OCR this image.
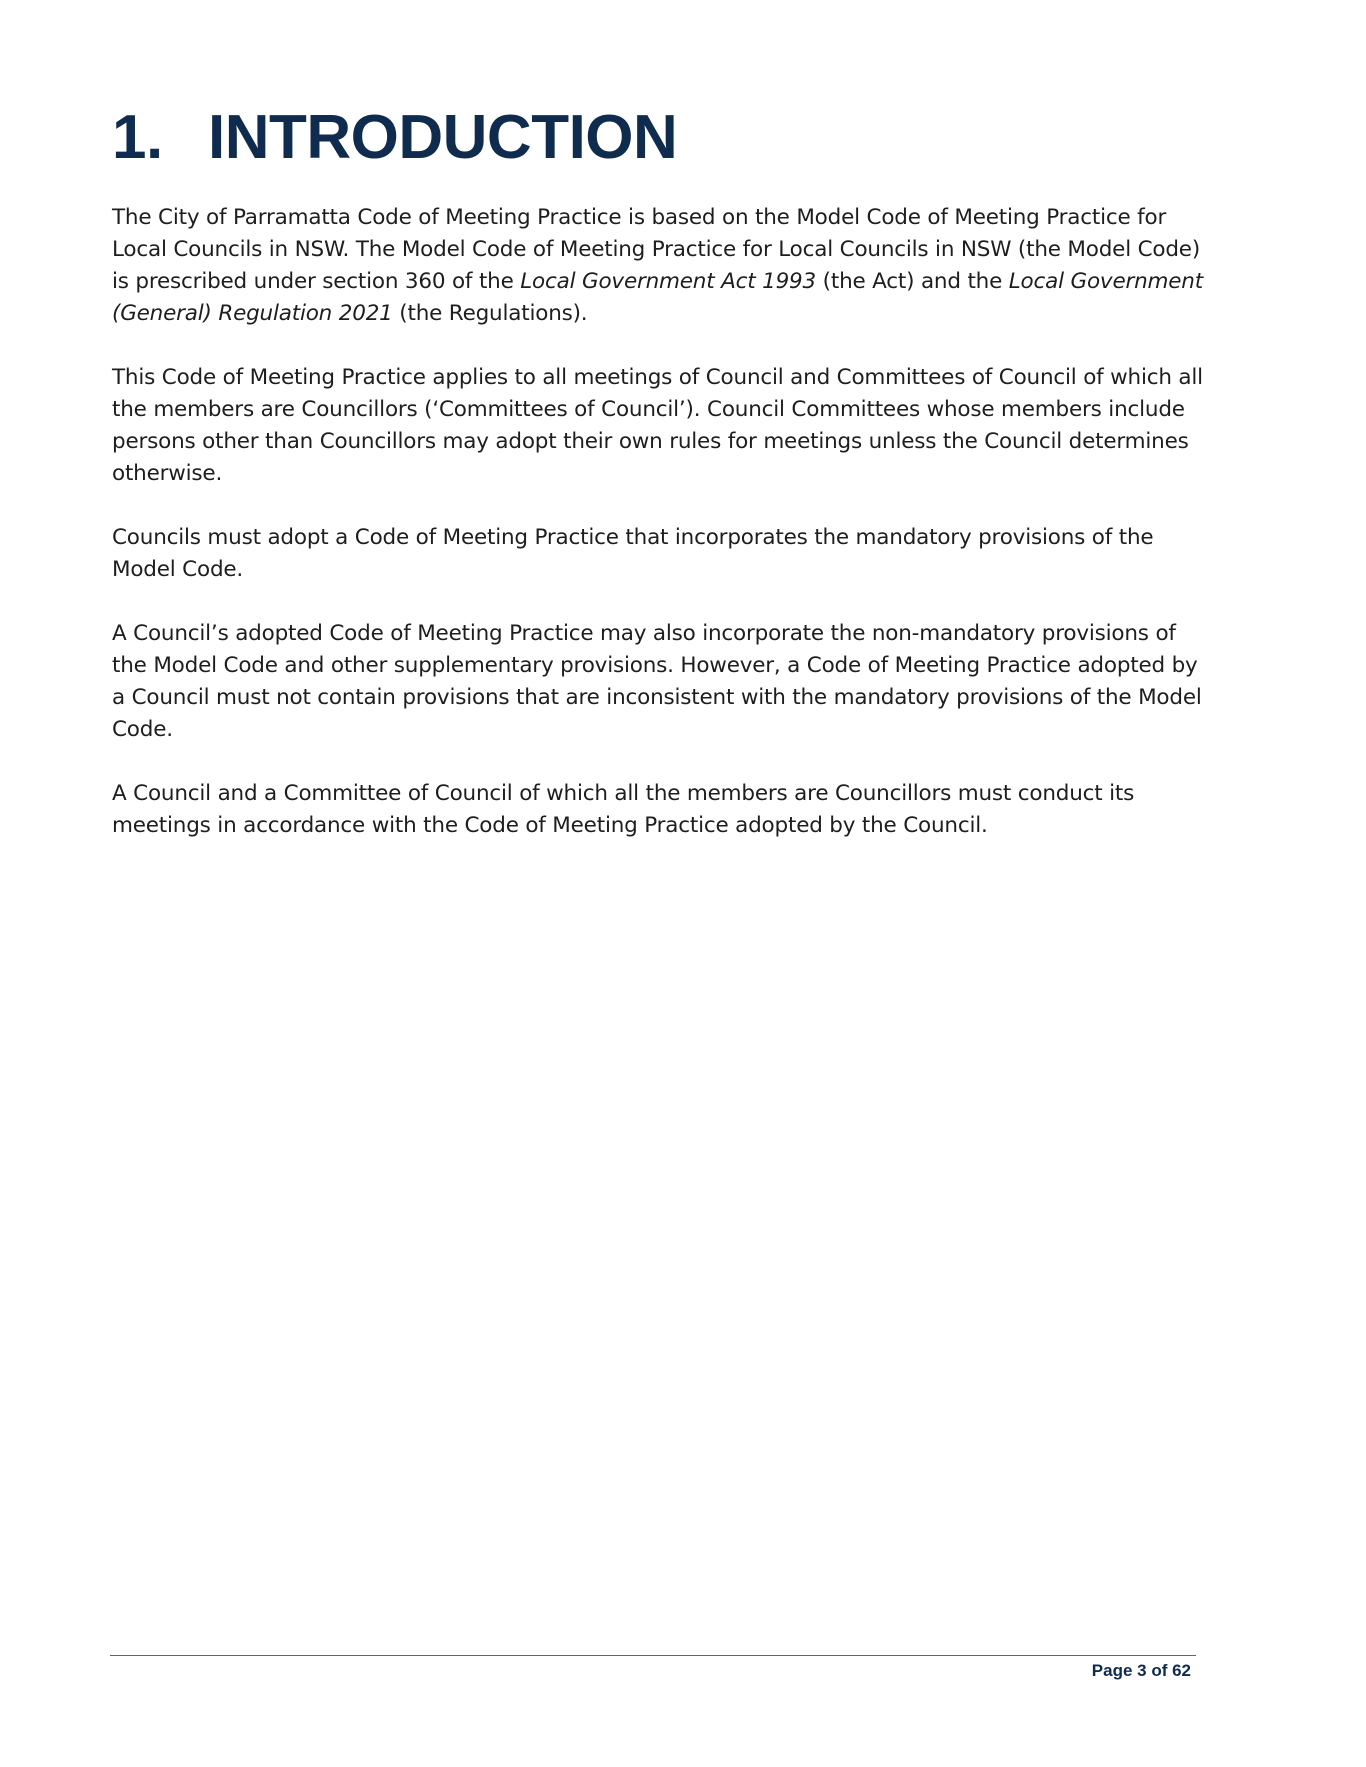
1. INTRODUCTION

The City of Parramatta Code of Meeting Practice is based on the Model Code of Meeting Practice for Local Councils in NSW. The Model Code of Meeting Practice for Local Councils in NSW (the Model Code) is prescribed under section 360 of the Local Government Act 1993 (the Act) and the Local Government (General) Regulation 2021 (the Regulations).

This Code of Meeting Practice applies to all meetings of Council and Committees of Council of which all the members are Councillors (‘Committees of Council’). Council Committees whose members include persons other than Councillors may adopt their own rules for meetings unless the Council determines otherwise.

Councils must adopt a Code of Meeting Practice that incorporates the mandatory provisions of the Model Code.

A Council’s adopted Code of Meeting Practice may also incorporate the non-mandatory provisions of the Model Code and other supplementary provisions. However, a Code of Meeting Practice adopted by a Council must not contain provisions that are inconsistent with the mandatory provisions of the Model Code.

A Council and a Committee of Council of which all the members are Councillors must conduct its meetings in accordance with the Code of Meeting Practice adopted by the Council.

Page 3 of 62
